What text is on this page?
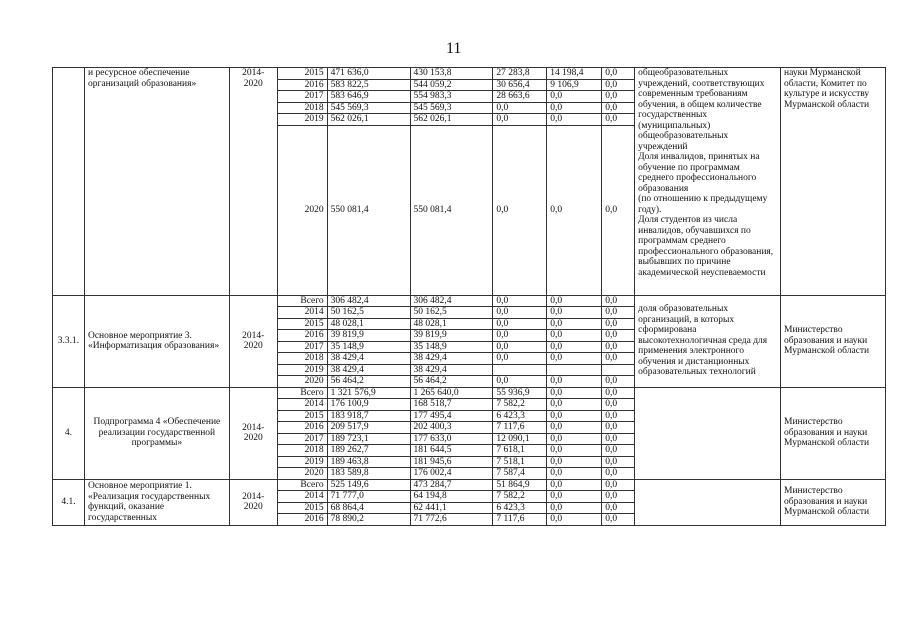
11
	и ресурсное обеспечение организаций образования»	2014-
2020	2015	471 636,0	430 153,8	27 283,8	14 198,4	0,0	общеобразовательных учреждений, соответствующих современным требованиям обучения, в общем количестве государственных (муниципальных) общеобразовательных учреждений
Доля инвалидов, принятых на обучение по программам среднего профессионального образования
(по отношению к предыдущему году).
Доля студентов из числа инвалидов, обучавшихся по программам среднего профессионального образования, выбывших по причине академической неуспеваемости	науки Мурманской области, Комитет по культуре и искусству Мурманской области
			2016	583 822,5	544 059,2	30 656,4	9 106,9	0,0		
			2017	583 646,9	554 983,3	28 663,6	0,0	0,0		
			2018	545 569,3	545 569,3	0,0	0,0	0,0		
			2019	562 026,1	562 026,1	0,0	0,0	0,0		
			2020	550 081,4	550 081,4	0,0	0,0	0,0		
3.3.1.	Основное мероприятие 3. «Информатизация образования»	2014-
2020	Всего	306 482,4	306 482,4	0,0	0,0	0,0	доля образовательных организаций, в которых сформирована высокотехнологичная среда для применения электронного обучения и дистанционных образовательных технологий	Министерство образования и науки Мурманской области
			2014	50 162,5	50 162,5	0,0	0,0	0,0		
			2015	48 028,1	48 028,1	0,0	0,0	0,0		
			2016	39 819,9	39 819,9	0,0	0,0	0,0		
			2017	35 148,9	35 148,9	0,0	0,0	0,0		
			2018	38 429,4	38 429,4	0,0	0,0	0,0		
			2019	38 429,4	38 429,4					
			2020	56 464,2	56 464,2	0,0	0,0	0,0		
4.	Подпрограмма 4 «Обеспечение реализации государственной программы»	2014-
2020	Всего	1 321 576,9	1 265 640,0	55 936,9	0,0	0,0		Министерство образования и науки Мурманской области
			2014	176 100,9	168 518,7	7 582,2	0,0	0,0		
			2015	183 918,7	177 495,4	6 423,3	0,0	0,0		
			2016	209 517,9	202 400,3	7 117,6	0,0	0,0		
			2017	189 723,1	177 633,0	12 090,1	0,0	0,0		
			2018	189 262,7	181 644,5	7 618,1	0,0	0,0		
			2019	189 463,8	181 945,6	7 518,1	0,0	0,0		
			2020	183 589,8	176 002,4	7 587,4	0,0	0,0		
4.1.	Основное мероприятие 1. «Реализация государственных функций, оказание государственных	2014-
2020	Всего	525 149,6	473 284,7	51 864,9	0,0	0,0		Министерство образования и науки Мурманской области
			2014	71 777,0	64 194,8	7 582,2	0,0	0,0		
			2015	68 864,4	62 441,1	6 423,3	0,0	0,0		
			2016	78 890,2	71 772,6	7 117,6	0,0	0,0		
